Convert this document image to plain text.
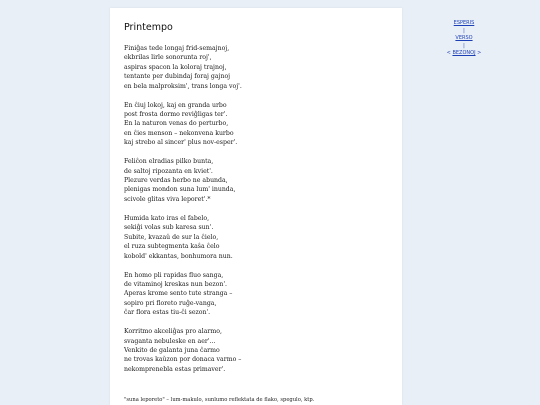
Printempo
Finiĝas tede longaj frid-semajnoj,
ekbrilas lirle sonorunta roj',
aspiras spacon la koloraj trajnoj,
tentante per dubindaj foraj gajnoj
en bela malproksim', trans longa voj'.
En ĉiuj lokoj, kaj en granda urbo
post frosta dormo reviĝligas ter'.
En la naturon venas do perturbo,
en ĉies menson – nekonvena kurbo
kaj strebo al sincer' plus nov-esper'.
Feliĉon elradias pilko bunta,
de saltoj ripozanta en kviet'.
Plezure verdas herbo ne abunda,
plenigas mondon suna lum' inunda,
scivole glitas viva leporet'.*
Humida kato iras el fabelo,
sekiĝi volas sub karesa sun'.
Subite, kvazaŭ de sur la ĉielo,
el ruza subtegmenta kaŝa ĉelo
kobold' ekkantas, bonhumora nun.
En homo pli rapidas fluo sanga,
de vitaminoj kreskas nun bezon'.
Aperas krome sento tute stranga –
sopiro pri floreto ruĝe-vanga,
ĉar flora estas tiu-ĉi sezon'.
Korritmo akceliĝas pro alarmo,
svaganta nebuleske en aer'...
Venkito de galanta juna ĉarmo
ne trovas kaŭzon por donaca varmo –
nekomprenebla estas primaver'.
"suna leporeto" – lum-makulo, sunlumo reflektata de flako, spegulo, ktp.
ESPERIS
|
VERSO
|
< BEZONOJ >
